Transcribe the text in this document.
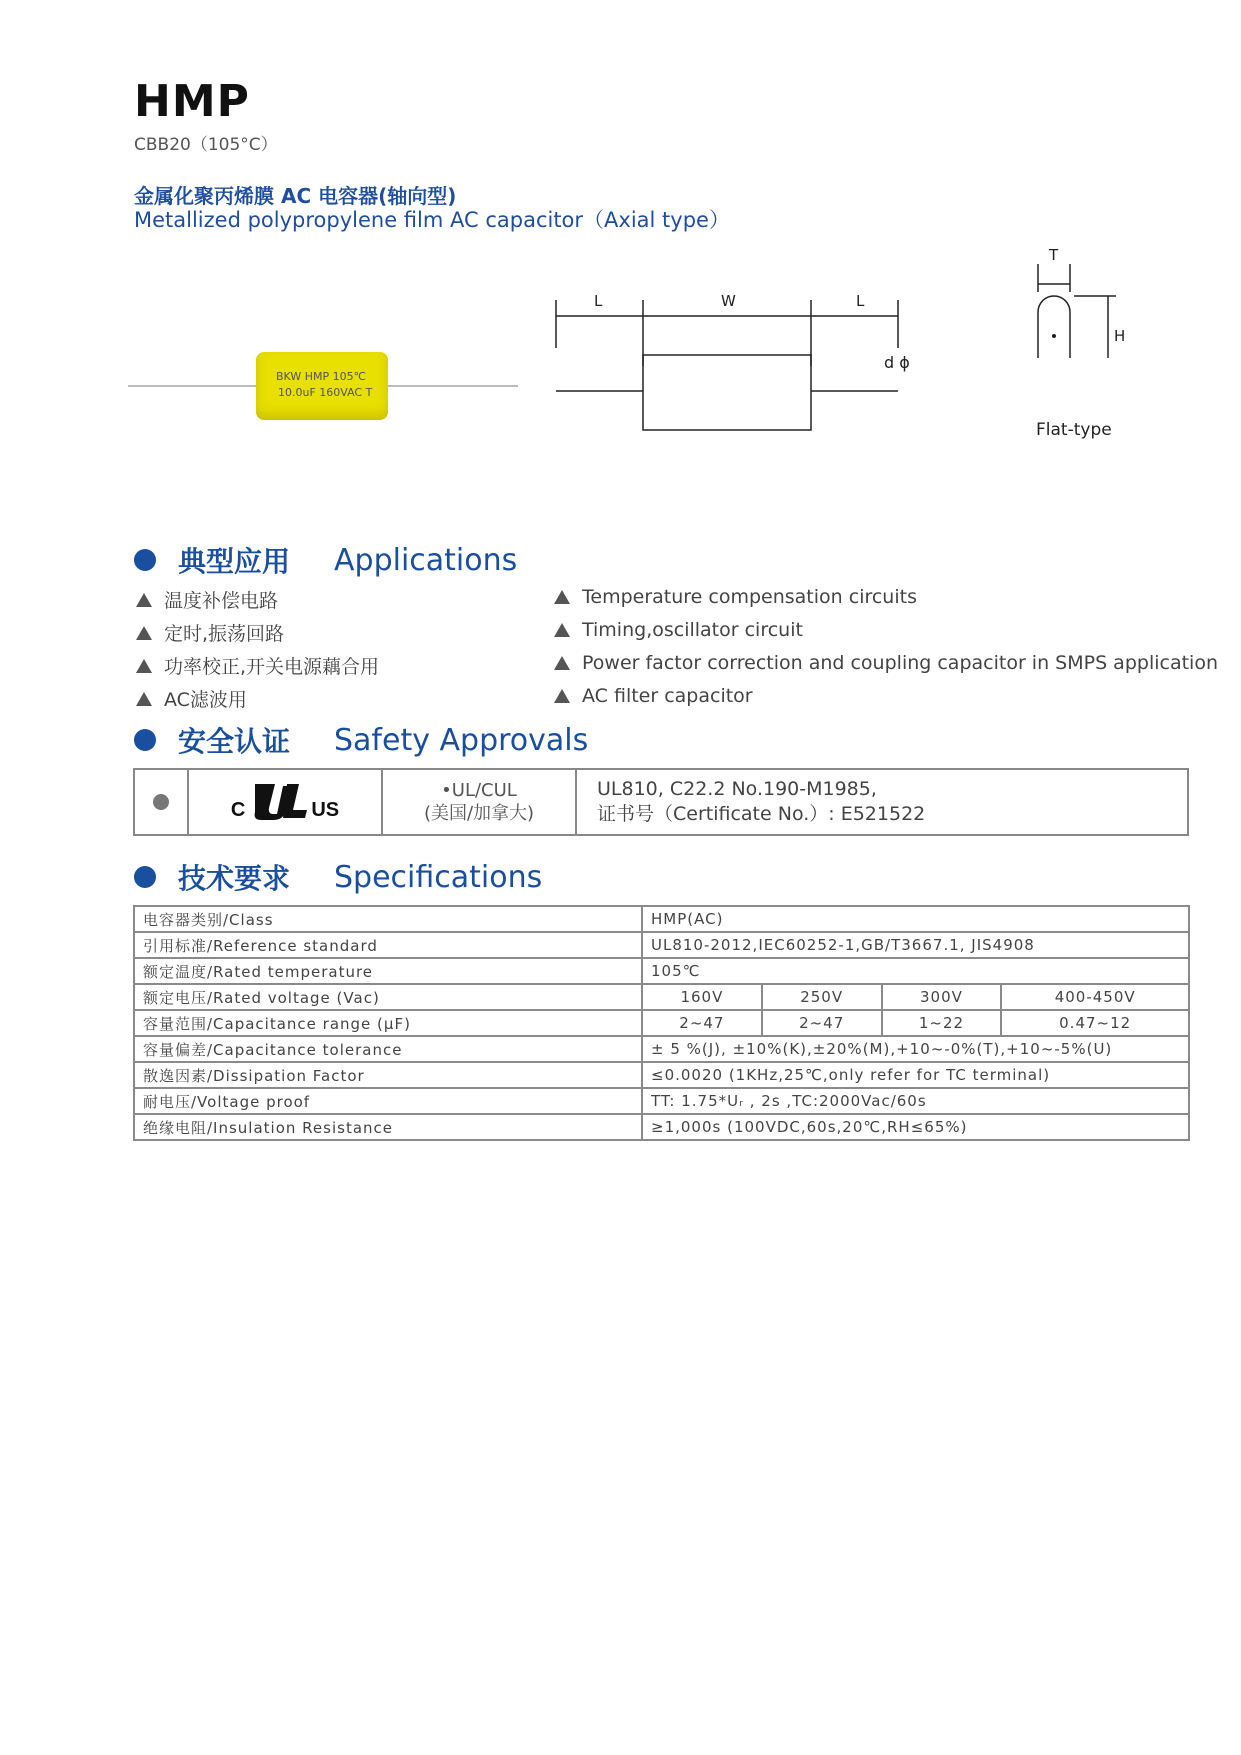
HMP
CBB20（105°C）
金属化聚丙烯膜 AC 电容器(轴向型)
Metallized polypropylene film AC capacitor（Axial type）
BKW HMP 105℃
10.0uF 160VAC T
L	W	L
d ϕ
T
H
Flat-type
典型应用	Applications
温度补偿电路
定时,振荡回路
功率校正,开关电源藕合用
AC滤波用
Temperature compensation circuits
Timing,oscillator circuit
Power factor correction and coupling capacitor in SMPS application
AC filter capacitor
安全认证	Safety Approvals
C	US
•UL/CUL
(美国/加拿大)
UL810, C22.2 No.190-M1985,
证书号（Certificate No.）: E521522
技术要求	Specifications
电容器类别/Class	HMP(AC)			
引用标准/Reference standard	UL810-2012,IEC60252-1,GB/T3667.1, JIS4908			
额定温度/Rated temperature	105℃			
额定电压/Rated voltage (Vac)	160V	250V	300V	400-450V
容量范围/Capacitance range (μF)	2~47	2~47	1~22	0.47~12
容量偏差/Capacitance tolerance	± 5 %(J), ±10%(K),±20%(M),+10~-0%(T),+10~-5%(U)			
散逸因素/Dissipation Factor	≤0.0020 (1KHz,25℃,only refer for TC terminal)			
耐电压/Voltage proof	TT: 1.75*Uᵣ , 2s ,TC:2000Vac/60s			
绝缘电阻/Insulation Resistance	≥1,000s (100VDC,60s,20℃,RH≤65%)			
